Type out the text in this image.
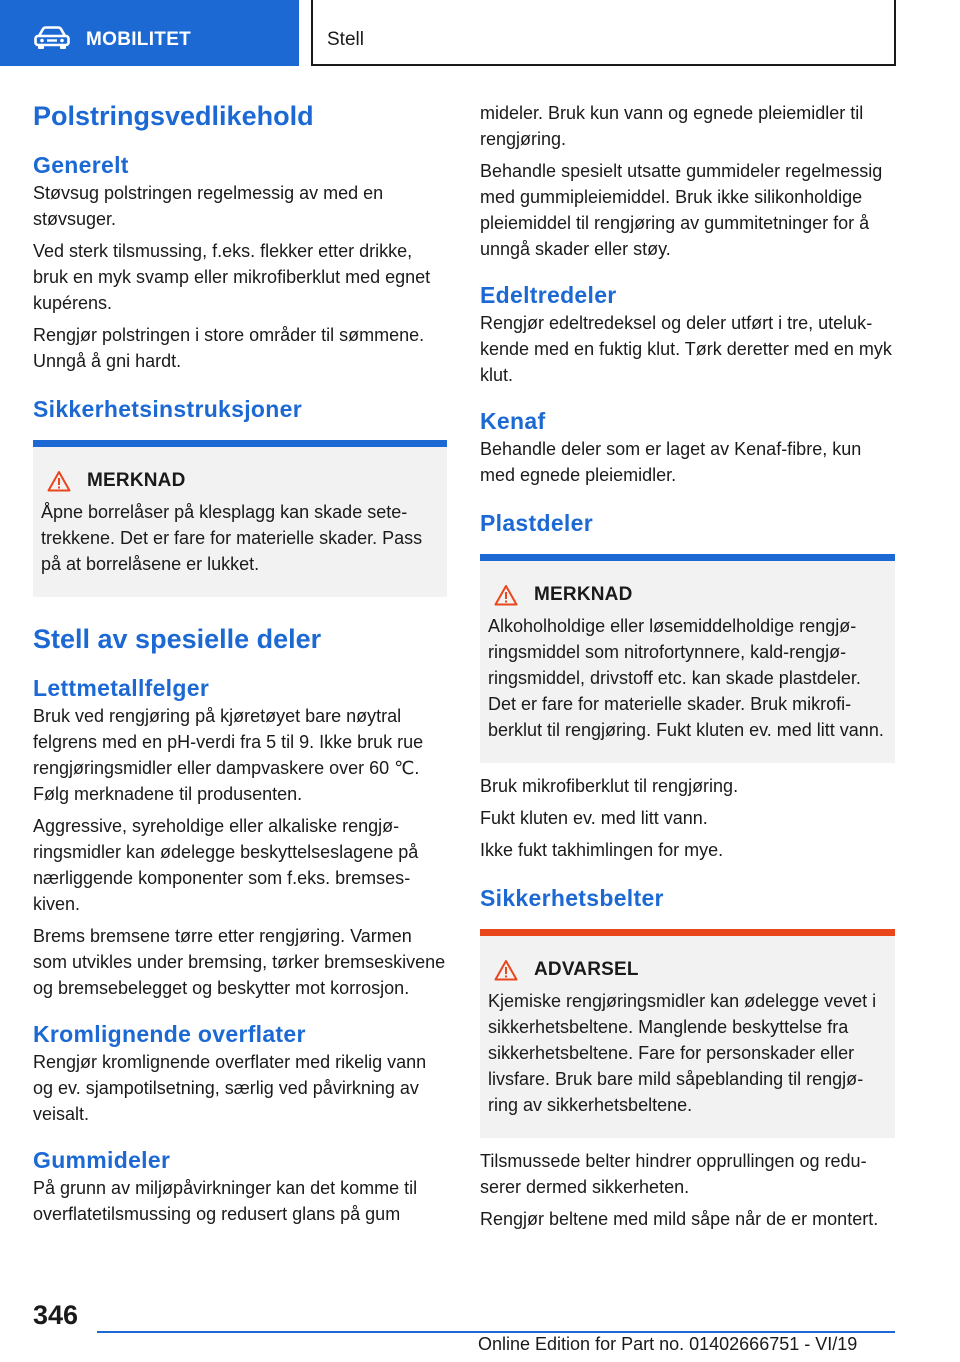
MOBILITET	Stell
Polstringsvedlikehold
Generelt

Støvsug polstringen regelmessig av med en støvsuger.

Ved sterk tilsmussing, f.eks. flekker etter drikke, bruk en myk svamp eller mikrofiberklut med egnet kupérens.

Rengjør polstringen i store områder til sømmene. Unngå å gni hardt.

Sikkerhetsinstruksjoner
MERKNAD

Åpne borrelåser på klesplagg kan skade setetrekkene. Det er fare for materielle skader. Pass på at borrelåsene er lukket.

Stell av spesielle deler
Lettmetallfelger

Bruk ved rengjøring på kjøretøyet bare nøytral felgrens med en pH-verdi fra 5 til 9. Ikke bruk rue rengjøringsmidler eller dampvaskere over 60 ℃. Følg merknadene til produsenten.

Aggressive, syreholdige eller alkaliske rengjøringsmidler kan ødelegge beskyttelseslagene på nærliggende komponenter som f.eks. bremseskiven.

Brems bremsene tørre etter rengjøring. Varmen som utvikles under bremsing, tørker bremseskivene og bremsebelegget og beskytter mot korrosjon.

Kromlignende overflater

Rengjør kromlignende overflater med rikelig vann og ev. sjampotilsetning, særlig ved påvirkning av veisalt.

Gummideler

På grunn av miljøpåvirkninger kan det komme til overflatetilsmussing og redusert glans på gum

mideler. Bruk kun vann og egnede pleiemidler til rengjøring.

Behandle spesielt utsatte gummideler regelmessig med gummipleiemiddel. Bruk ikke silikonholdige pleiemiddel til rengjøring av gummitetninger for å unngå skader eller støy.

Edeltredeler

Rengjør edeltredeksel og deler utført i tre, utelukkende med en fuktig klut. Tørk deretter med en myk klut.

Kenaf

Behandle deler som er laget av Kenaf-fibre, kun med egnede pleiemidler.

Plastdeler
MERKNAD

Alkoholholdige eller løsemiddelholdige rengjøringsmiddel som nitrofortynnere, kald-rengjøringsmiddel, drivstoff etc. kan skade plastdeler. Det er fare for materielle skader. Bruk mikrofiberklut til rengjøring. Fukt kluten ev. med litt vann.

Bruk mikrofiberklut til rengjøring.

Fukt kluten ev. med litt vann.

Ikke fukt takhimlingen for mye.

Sikkerhetsbelter
ADVARSEL

Kjemiske rengjøringsmidler kan ødelegge vevet i sikkerhetsbeltene. Manglende beskyttelse fra sikkerhetsbeltene. Fare for personskader eller livsfare. Bruk bare mild såpeblanding til rengjøring av sikkerhetsbeltene.

Tilsmussede belter hindrer opprullingen og reduserer dermed sikkerheten.

Rengjør beltene med mild såpe når de er montert.

346
Online Edition for Part no. 01402666751 - VI/19
